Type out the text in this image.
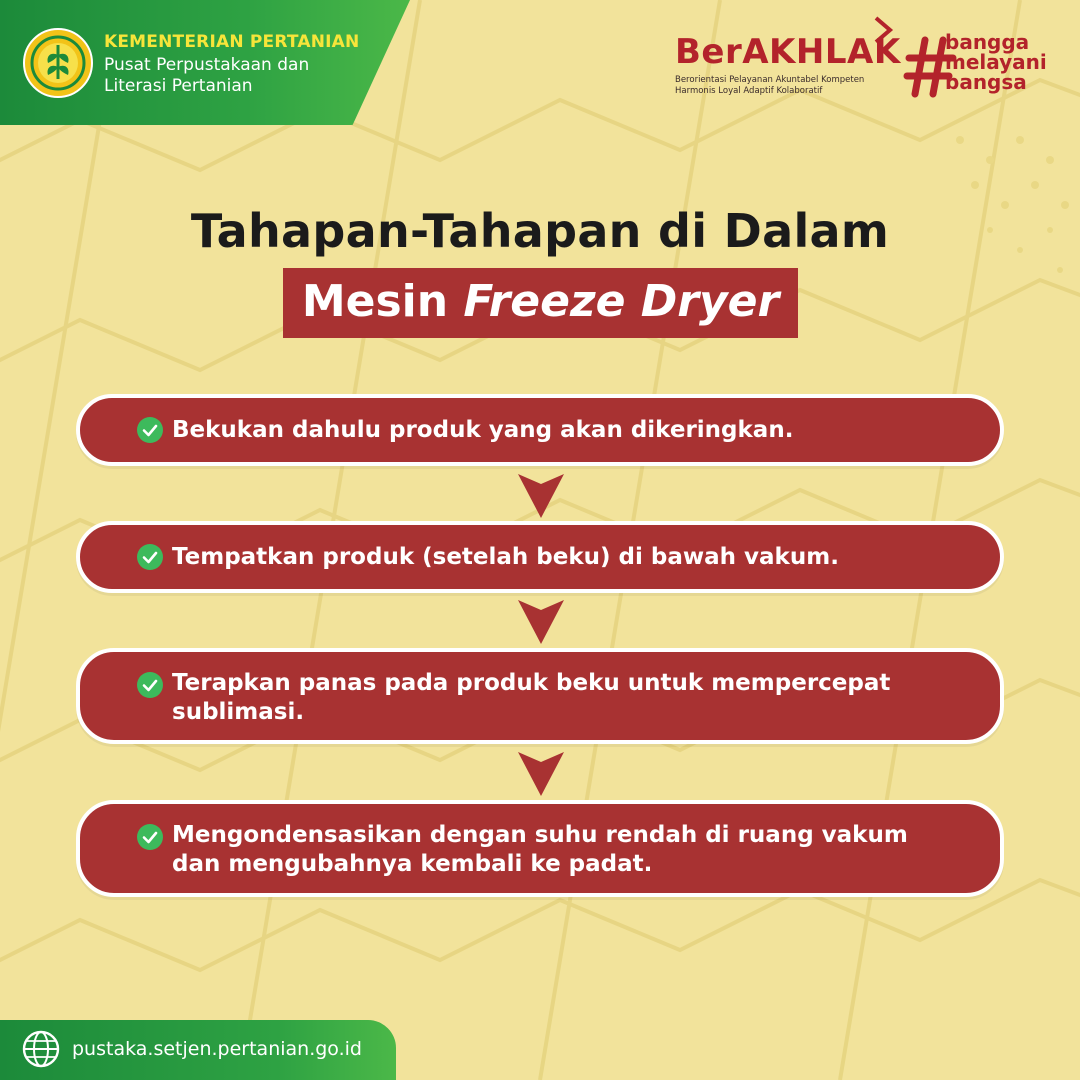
KEMENTERIAN PERTANIAN
Pusat Perpustakaan dan Literasi Pertanian
BerAKHLAK
Berorientasi Pelayanan Akuntabel Kompeten Harmonis Loyal Adaptif Kolaboratif
bangga
melayani
bangsa
Tahapan-Tahapan di Dalam
Mesin Freeze Dryer
Bekukan dahulu produk yang akan dikeringkan.
Tempatkan produk (setelah beku) di bawah vakum.
Terapkan panas pada produk beku untuk mempercepat sublimasi.
Mengondensasikan dengan suhu rendah di ruang vakum dan mengubahnya kembali ke padat.
pustaka.setjen.pertanian.go.id
